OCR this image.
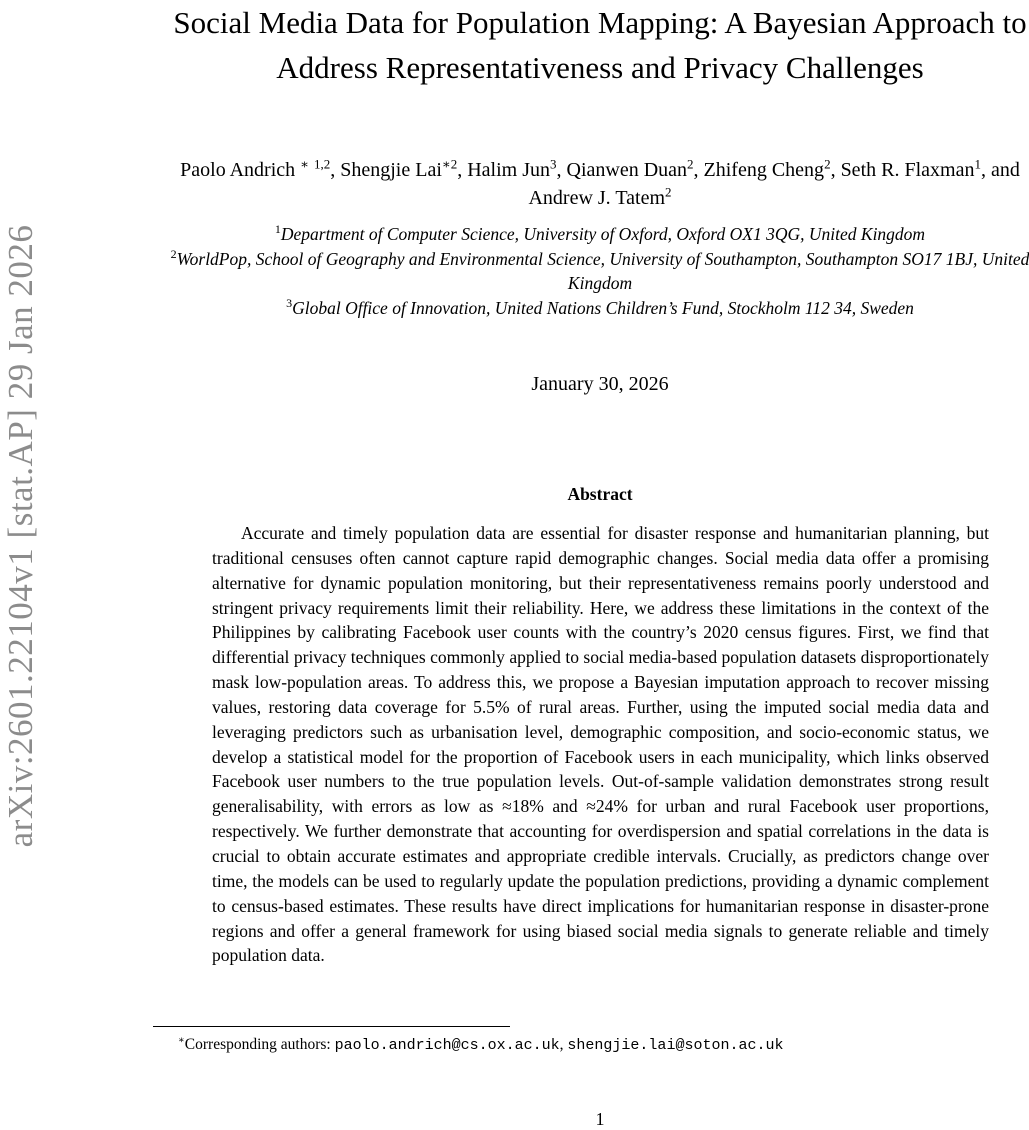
arXiv:2601.22104v1 [stat.AP] 29 Jan 2026
Social Media Data for Population Mapping: A Bayesian Approach to Address Representativeness and Privacy Challenges
Paolo Andrich ∗ $^{1,2}$, Shengjie Lai$^{∗2}$, Halim Jun$^3$, Qianwen Duan$^2$, Zhifeng Cheng$^2$, Seth R. Flaxman$^1$, and Andrew J. Tatem$^2$
$^1$Department of Computer Science, University of Oxford, Oxford OX1 3QG, United Kingdom
$^2$WorldPop, School of Geography and Environmental Science, University of Southampton, Southampton SO17 1BJ, United Kingdom
$^3$Global Office of Innovation, United Nations Children’s Fund, Stockholm 112 34, Sweden
January 30, 2026
Abstract

Accurate and timely population data are essential for disaster response and humanitarian planning, but traditional censuses often cannot capture rapid demographic changes. Social media data offer a promising alternative for dynamic population monitoring, but their representativeness remains poorly understood and stringent privacy requirements limit their reliability. Here, we address these limitations in the context of the Philippines by calibrating Facebook user counts with the country’s 2020 census figures. First, we find that differential privacy techniques commonly applied to social media-based population datasets disproportionately mask low-population areas. To address this, we propose a Bayesian imputation approach to recover missing values, restoring data coverage for 5.5% of rural areas. Further, using the imputed social media data and leveraging predictors such as urbanisation level, demographic composition, and socio-economic status, we develop a statistical model for the proportion of Facebook users in each municipality, which links observed Facebook user numbers to the true population levels. Out-of-sample validation demonstrates strong result generalisability, with errors as low as ≈18% and ≈24% for urban and rural Facebook user proportions, respectively. We further demonstrate that accounting for overdispersion and spatial correlations in the data is crucial to obtain accurate estimates and appropriate credible intervals. Crucially, as predictors change over time, the models can be used to regularly update the population predictions, providing a dynamic complement to census-based estimates. These results have direct implications for humanitarian response in disaster-prone regions and offer a general framework for using biased social media signals to generate reliable and timely population data.

∗Corresponding authors: paolo.andrich@cs.ox.ac.uk, shengjie.lai@soton.ac.uk
1
